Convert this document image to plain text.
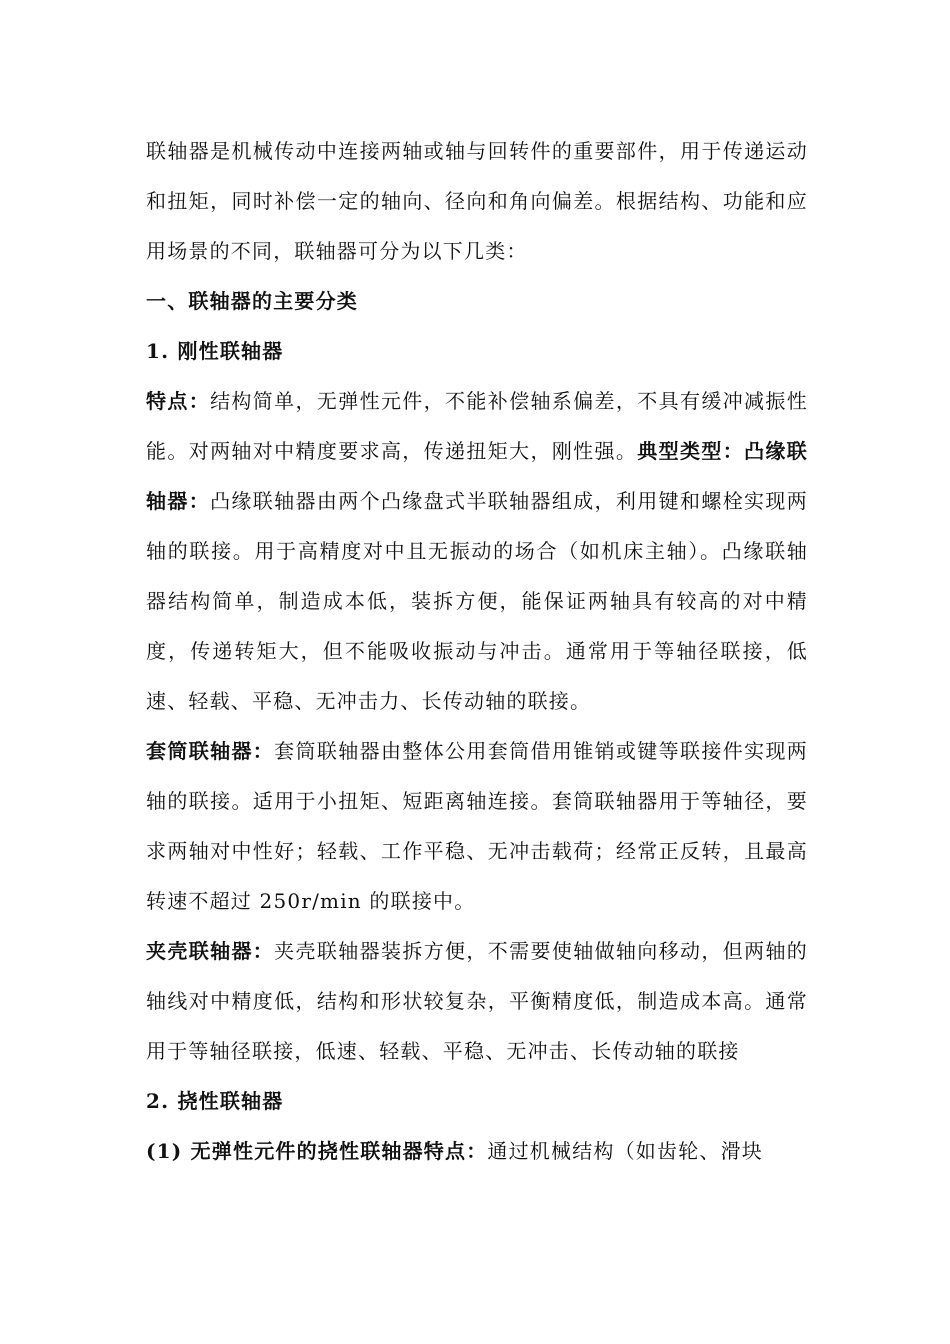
联轴器是机械传动中连接两轴或轴与回转件的重要部件，用于传递运动和扭矩，同时补偿一定的轴向、径向和角向偏差。根据结构、功能和应用场景的不同，联轴器可分为以下几类：

一、联轴器的主要分类

1. 刚性联轴器

特点：结构简单，无弹性元件，不能补偿轴系偏差，不具有缓冲减振性能。对两轴对中精度要求高，传递扭矩大，刚性强。典型类型：凸缘联轴器：凸缘联轴器由两个凸缘盘式半联轴器组成，利用键和螺栓实现两轴的联接。用于高精度对中且无振动的场合（如机床主轴）。凸缘联轴器结构简单，制造成本低，装拆方便，能保证两轴具有较高的对中精度，传递转矩大，但不能吸收振动与冲击。通常用于等轴径联接，低速、轻载、平稳、无冲击力、长传动轴的联接。

套筒联轴器：套筒联轴器由整体公用套筒借用锥销或键等联接件实现两轴的联接。适用于小扭矩、短距离轴连接。套筒联轴器用于等轴径，要求两轴对中性好；轻载、工作平稳、无冲击载荷；经常正反转，且最高转速不超过 250r/min 的联接中。

夹壳联轴器：夹壳联轴器装拆方便，不需要使轴做轴向移动，但两轴的轴线对中精度低，结构和形状较复杂，平衡精度低，制造成本高。通常用于等轴径联接，低速、轻载、平稳、无冲击、长传动轴的联接

2. 挠性联轴器

(1) 无弹性元件的挠性联轴器特点：通过机械结构（如齿轮、滑块
